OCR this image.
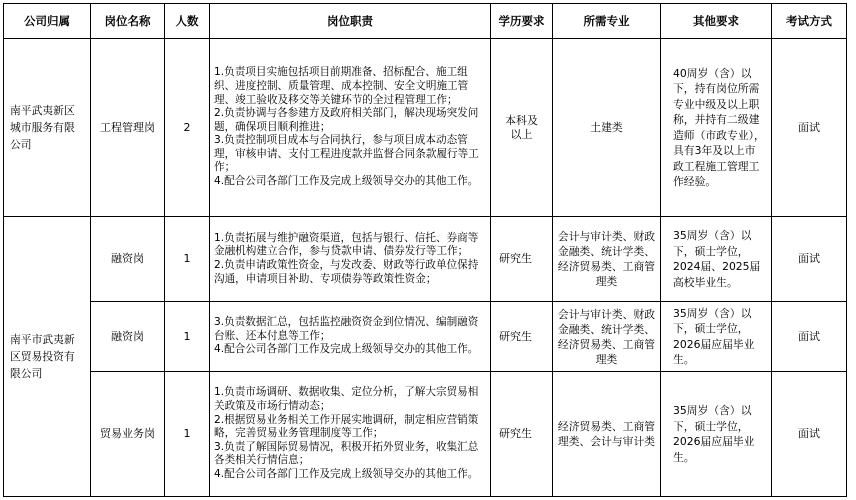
公司归属	岗位名称	人数	岗位职责	学历要求	所需专业	其他要求	考试方式
南平武夷新区城市服务有限公司	工程管理岗	2	1.负责项目实施包括项目前期准备、招标配合、施工组织、进度控制、质量管理、成本控制、安全文明施工管理、竣工验收及移交等关键环节的全过程管理工作；
2.负责协调与各参建方及政府相关部门，解决现场突发问题，确保项目顺利推进；
3.负责控制项目成本与合同执行，参与项目成本动态管理，审核申请、支付工程进度款并监督合同条款履行等工作；
4.配合公司各部门工作及完成上级领导交办的其他工作。	本科及以上	土建类	40周岁（含）以下，持有岗位所需专业中级及以上职称，并持有二级建造师（市政专业），具有3年及以上市政工程施工管理工作经验。	面试
南平市武夷新区贸易投资有限公司	融资岗	1	1.负责拓展与维护融资渠道，包括与银行、信托、券商等金融机构建立合作，参与贷款申请、债券发行等工作；
2.负责申请政策性资金，与发改委、财政等行政单位保持沟通，申请项目补助、专项债券等政策性资金；	研究生	会计与审计类、财政金融类、统计学类、经济贸易类、工商管理类	35周岁（含）以下，硕士学位，2024届、2025届高校毕业生。	面试
	融资岗	1	3.负责数据汇总，包括监控融资资金到位情况、编制融资台账、还本付息等工作；
4.配合公司各部门工作及完成上级领导交办的其他工作。	研究生	会计与审计类、财政金融类、统计学类、经济贸易类、工商管理类	35周岁（含）以下，硕士学位，2026届应届毕业生。	面试
	贸易业务岗	1	1.负责市场调研、数据收集、定位分析，了解大宗贸易相关政策及市场行情动态；
2.根据贸易业务相关工作开展实地调研，制定相应营销策略，完善贸易业务管理制度等工作；
3.负责了解国际贸易情况，积极开拓外贸业务，收集汇总各类相关行情信息；
4.配合公司各部门工作及完成上级领导交办的其他工作。	研究生	经济贸易类、工商管理类、会计与审计类	35周岁（含）以下，硕士学位，2026届应届毕业生。	面试
